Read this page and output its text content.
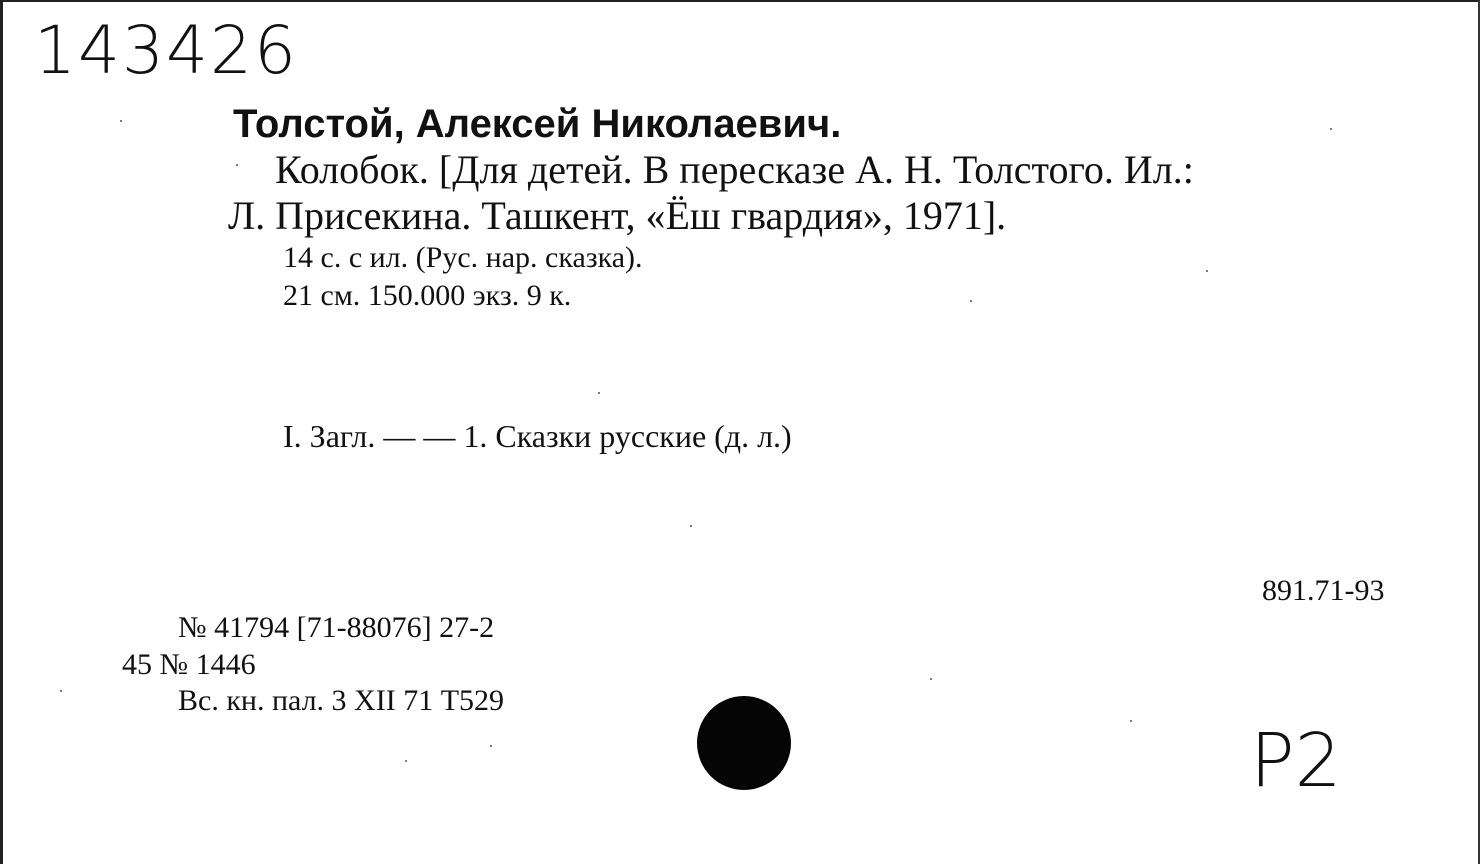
143426
Толстой, Алексей Николаевич.
Колобок. [Для детей. В пересказе А. Н. Толстого. Ил.:
Л. Присекина. Ташкент, «Ёш гвардия», 1971].
14 с. с ил. (Рус. нар. сказка).
21 см. 150.000 экз. 9 к.
I. Загл. — — 1. Сказки русские (д. л.)
891.71-93
№ 41794 [71-88076] 27-2
45 № 1446
Вс. кн. пал. 3 XII 71 Т529
P2
